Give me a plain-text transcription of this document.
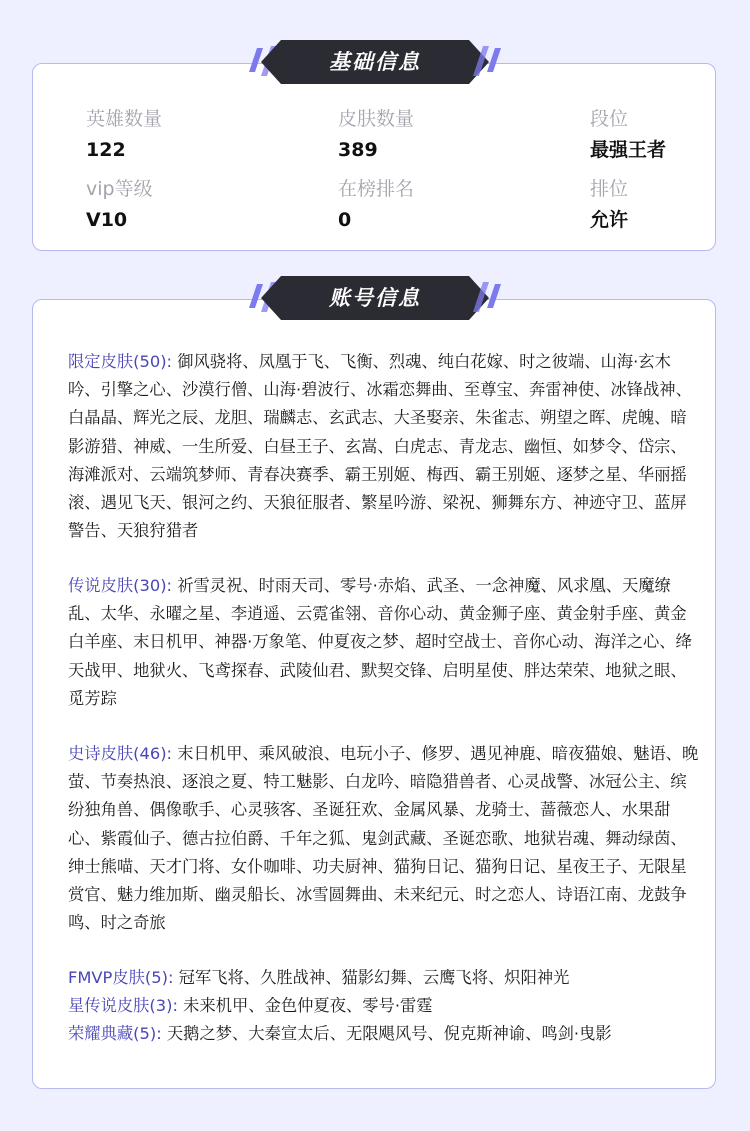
英雄数量
122
皮肤数量
389
段位
最强王者
vip等级
V10
在榜排名
0
排位
允许
基础信息
账号信息
限定皮肤(50): 御风骁将、凤凰于飞、飞衡、烈魂、纯白花嫁、时之彼端、山海·玄木吟、引擎之心、沙漠行僧、山海·碧波行、冰霜恋舞曲、至尊宝、奔雷神使、冰锋战神、白晶晶、辉光之辰、龙胆、瑞麟志、玄武志、大圣娶亲、朱雀志、朔望之晖、虎魄、暗影游猎、神威、一生所爱、白昼王子、玄嵩、白虎志、青龙志、幽恒、如梦令、岱宗、海滩派对、云端筑梦师、青春决赛季、霸王别姬、梅西、霸王别姬、逐梦之星、华丽摇滚、遇见飞天、银河之约、天狼征服者、繁星吟游、梁祝、狮舞东方、神迹守卫、蓝屏警告、天狼狩猎者
传说皮肤(30): 祈雪灵祝、时雨天司、零号·赤焰、武圣、一念神魔、风求凰、天魔缭乱、太华、永曜之星、李逍遥、云霓雀翎、音你心动、黄金狮子座、黄金射手座、黄金白羊座、末日机甲、神器·万象笔、仲夏夜之梦、超时空战士、音你心动、海洋之心、绛天战甲、地狱火、飞鸢探春、武陵仙君、默契交锋、启明星使、胖达荣荣、地狱之眼、觅芳踪
史诗皮肤(46): 末日机甲、乘风破浪、电玩小子、修罗、遇见神鹿、暗夜猫娘、魅语、晚萤、节奏热浪、逐浪之夏、特工魅影、白龙吟、暗隐猎兽者、心灵战警、冰冠公主、缤纷独角兽、偶像歌手、心灵骇客、圣诞狂欢、金属风暴、龙骑士、蔷薇恋人、水果甜心、紫霞仙子、德古拉伯爵、千年之狐、鬼剑武藏、圣诞恋歌、地狱岩魂、舞动绿茵、绅士熊喵、天才门将、女仆咖啡、功夫厨神、猫狗日记、猫狗日记、星夜王子、无限星赏官、魅力维加斯、幽灵船长、冰雪圆舞曲、未来纪元、时之恋人、诗语江南、龙鼓争鸣、时之奇旅
FMVP皮肤(5): 冠军飞将、久胜战神、猫影幻舞、云鹰飞将、炽阳神光
星传说皮肤(3): 未来机甲、金色仲夏夜、零号·雷霆
荣耀典藏(5): 天鹅之梦、大秦宣太后、无限飓风号、倪克斯神谕、鸣剑·曳影
